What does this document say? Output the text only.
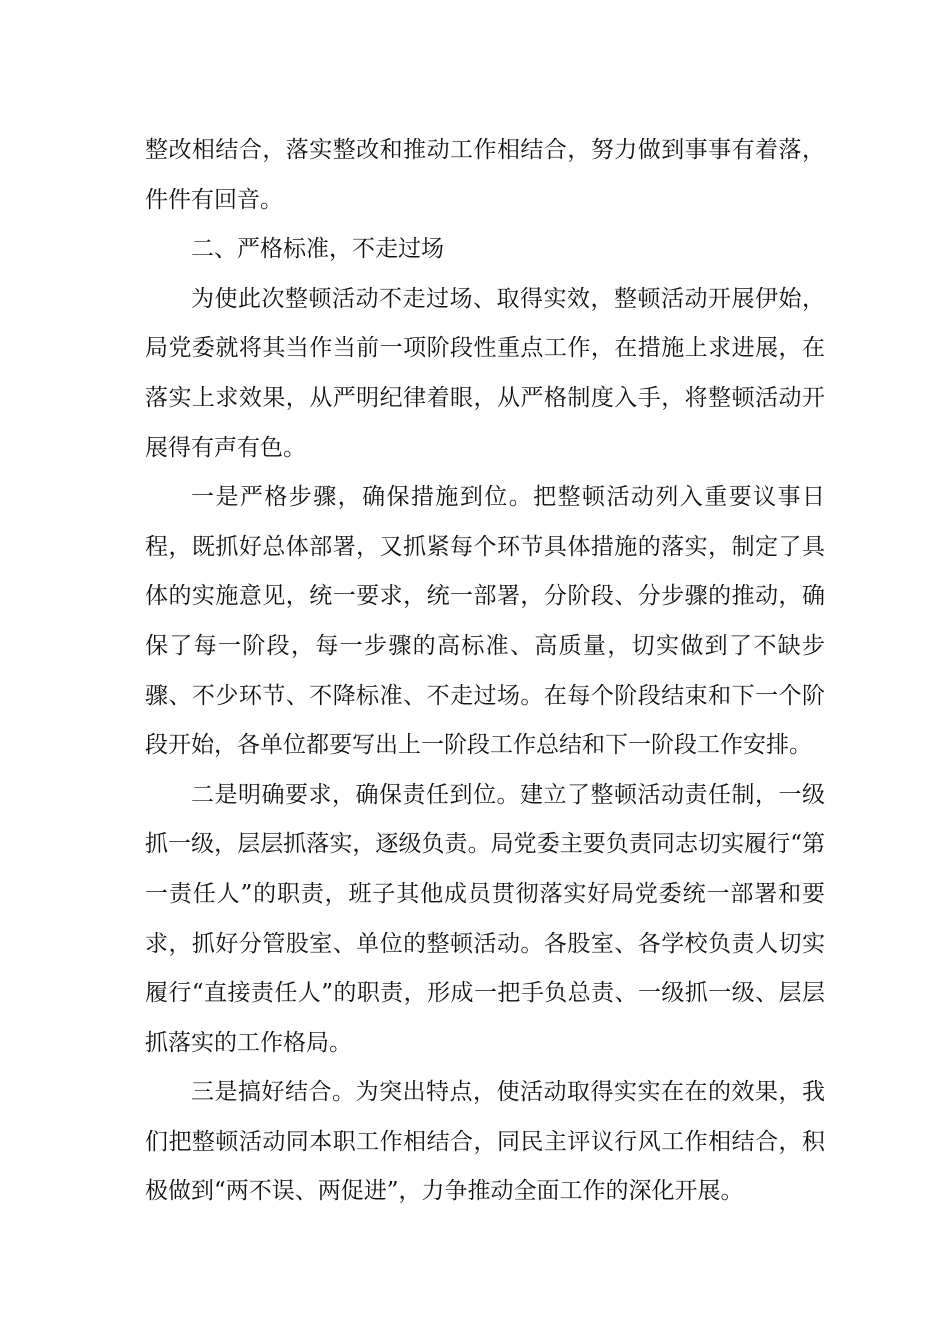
整改相结合，落实整改和推动工作相结合，努力做到事事有着落，件件有回音。

二、严格标准，不走过场

为使此次整顿活动不走过场、取得实效，整顿活动开展伊始，局党委就将其当作当前一项阶段性重点工作，在措施上求进展，在落实上求效果，从严明纪律着眼，从严格制度入手，将整顿活动开展得有声有色。

一是严格步骤，确保措施到位。把整顿活动列入重要议事日程，既抓好总体部署，又抓紧每个环节具体措施的落实，制定了具体的实施意见，统一要求，统一部署，分阶段、分步骤的推动，确保了每一阶段，每一步骤的高标准、高质量，切实做到了不缺步骤、不少环节、不降标准、不走过场。在每个阶段结束和下一个阶段开始，各单位都要写出上一阶段工作总结和下一阶段工作安排。

二是明确要求，确保责任到位。建立了整顿活动责任制，一级抓一级，层层抓落实，逐级负责。局党委主要负责同志切实履行“第一责任人”的职责，班子其他成员贯彻落实好局党委统一部署和要求，抓好分管股室、单位的整顿活动。各股室、各学校负责人切实履行“直接责任人”的职责，形成一把手负总责、一级抓一级、层层抓落实的工作格局。

三是搞好结合。为突出特点，使活动取得实实在在的效果，我们把整顿活动同本职工作相结合，同民主评议行风工作相结合，积极做到“两不误、两促进”，力争推动全面工作的深化开展。
